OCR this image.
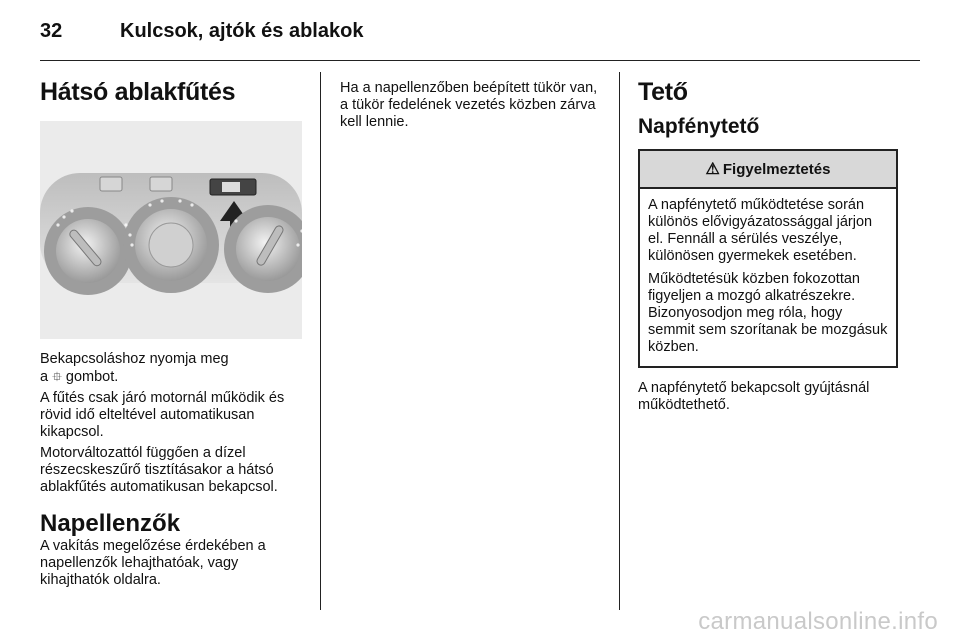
32	Kulcsok, ajtók és ablakok
Hátsó ablakfűtés

Bekapcsoláshoz nyomja meg
a ⯐ gombot.

A fűtés csak járó motornál működik és rövid idő elteltével automatikusan kikapcsol.

Motorváltozattól függően a dízel részecskeszűrő tisztításakor a hátsó ablakfűtés automatikusan bekapcsol.

Napellenzők

A vakítás megelőzése érdekében a napellenzők lehajthatóak, vagy kihajthatók oldalra.

Ha a napellenzőben beépített tükör van, a tükör fedelének vezetés közben zárva kell lennie.

Tető
Napfénytető
⚠ Figyelmeztetés

A napfénytető működtetése során különös elővigyázatossággal járjon el. Fennáll a sérülés veszélye, különösen gyermekek esetében.

Működtetésük közben fokozottan figyeljen a mozgó alkatrészekre. Bizonyosodjon meg róla, hogy semmit sem szorítanak be mozgásuk közben.

A napfénytető bekapcsolt gyújtásnál működtethető.

carmanualsonline.info
